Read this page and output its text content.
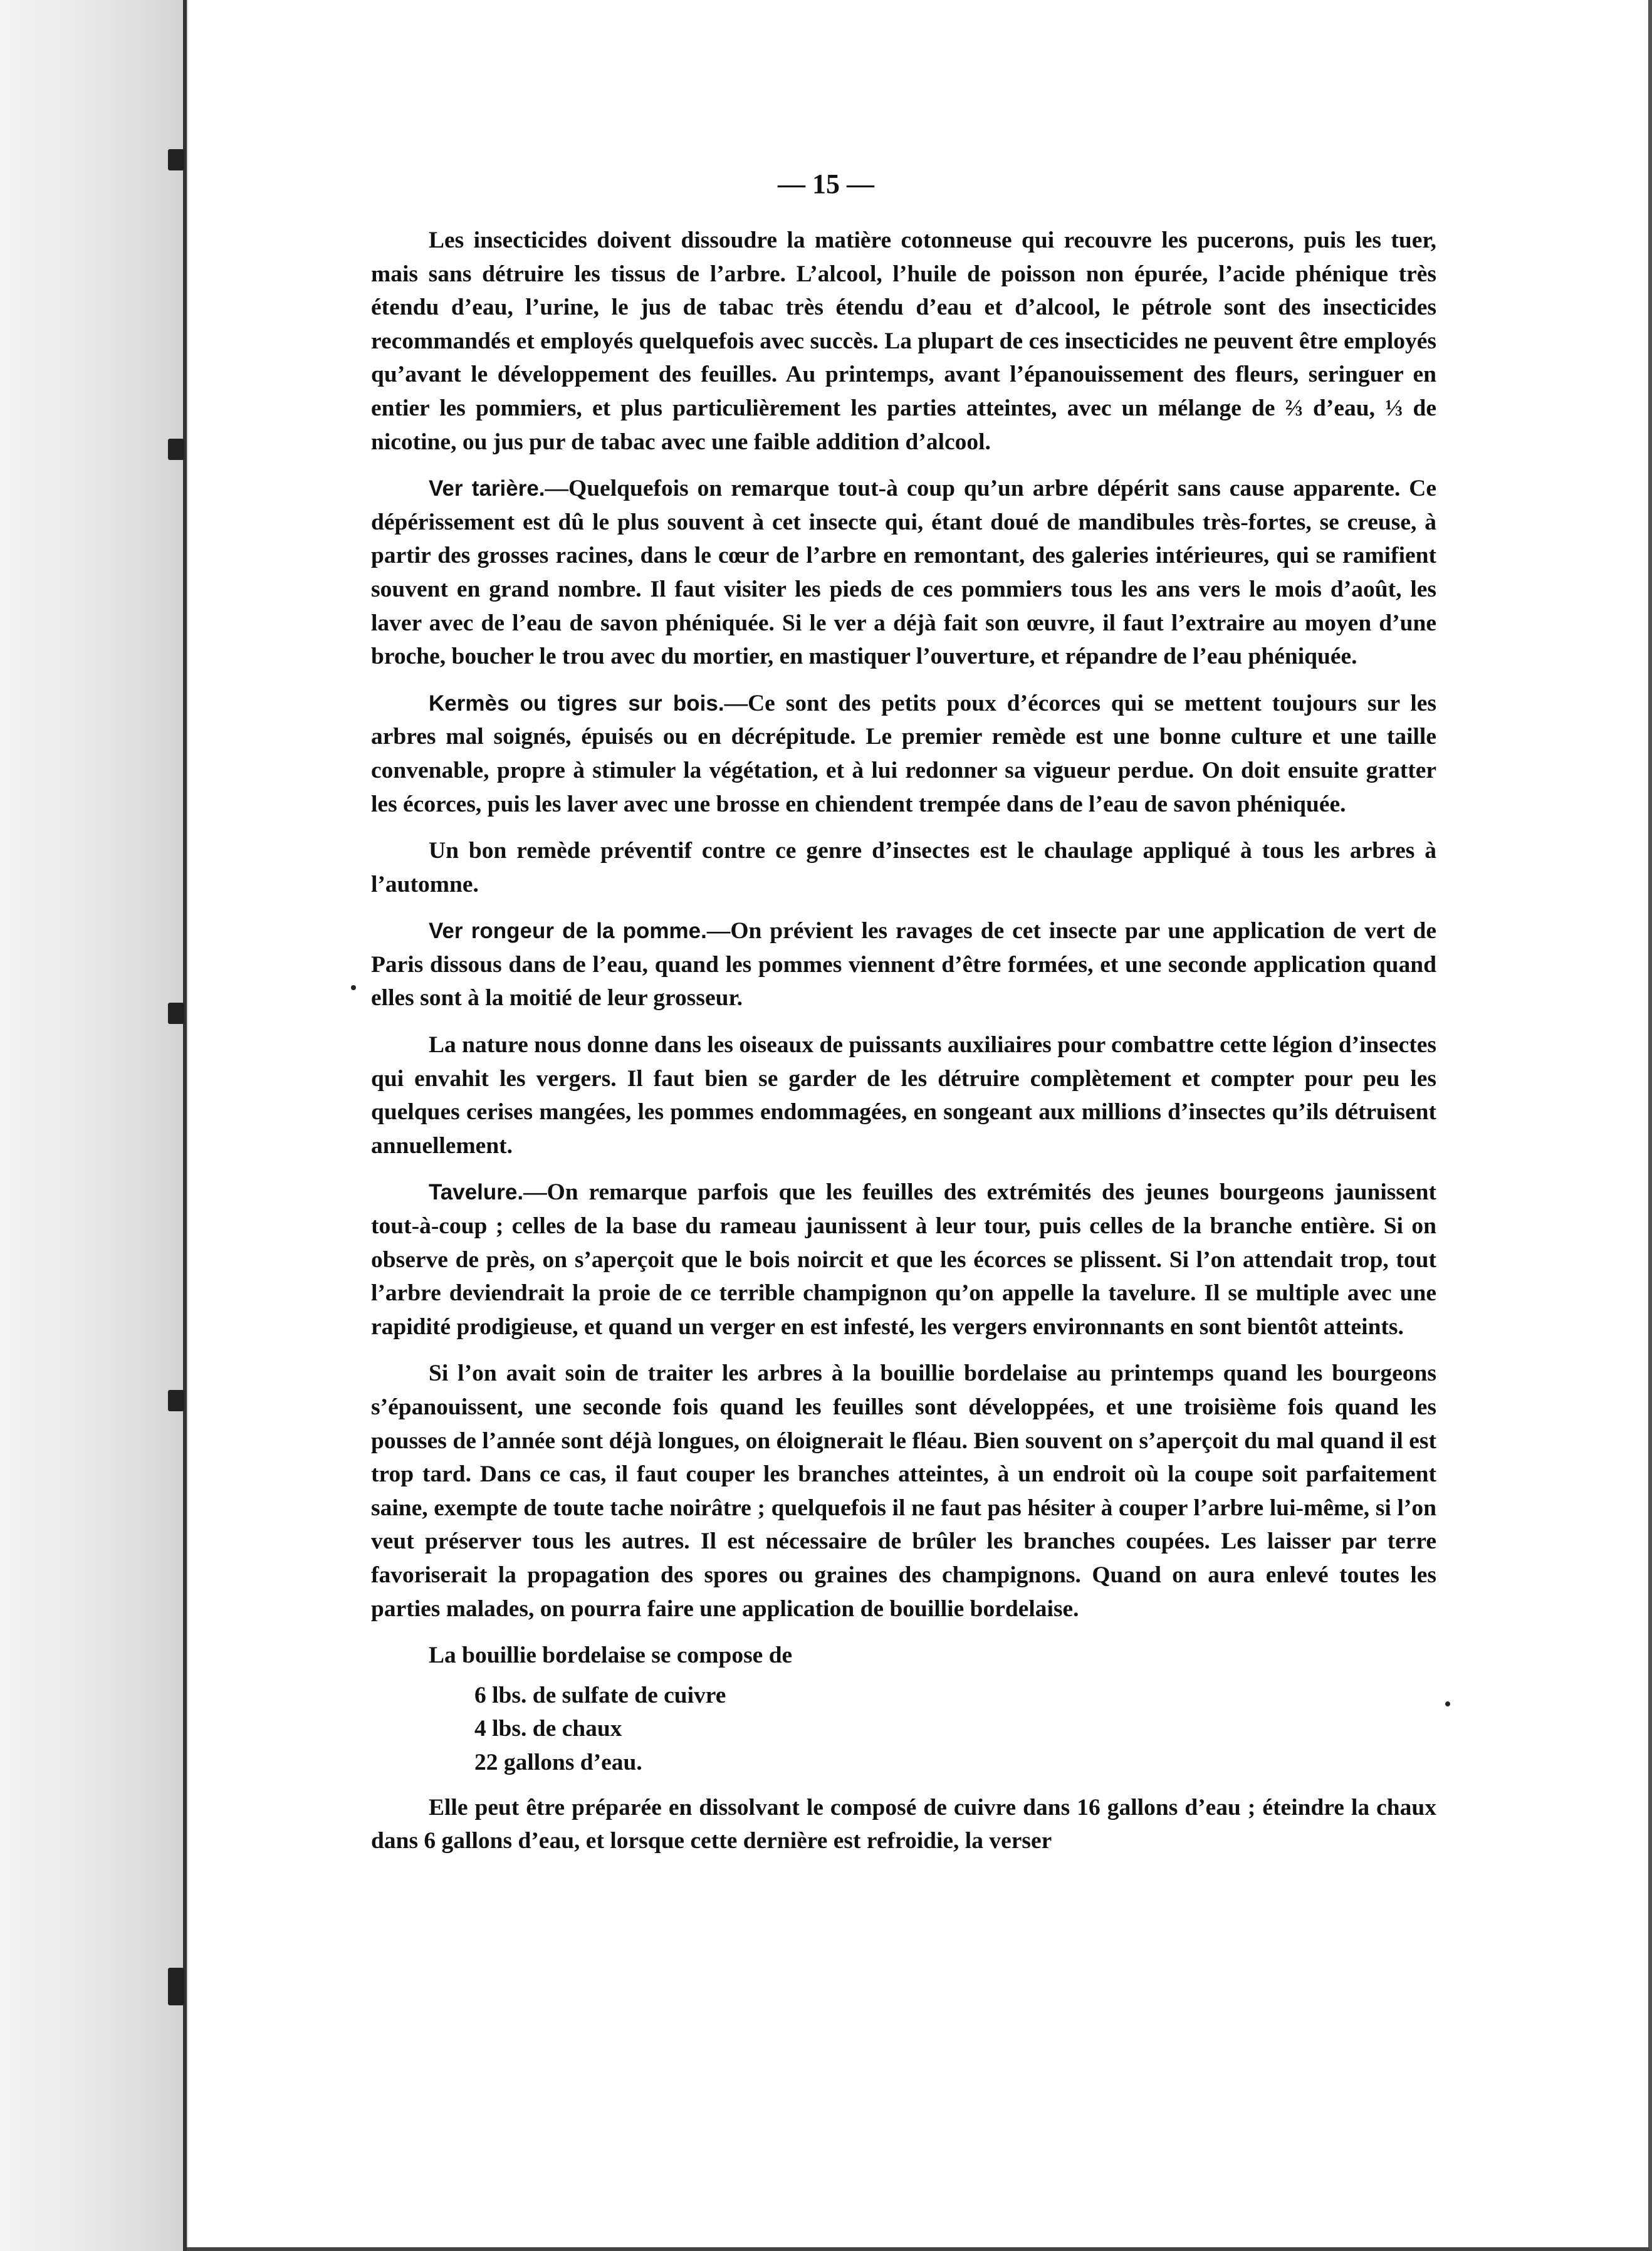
— 15 —

Les insecticides doivent dissoudre la matière cotonneuse qui recouvre les pucerons, puis les tuer, mais sans détruire les tissus de l’arbre. L’alcool, l’huile de poisson non épurée, l’acide phénique très étendu d’eau, l’urine, le jus de tabac très étendu d’eau et d’alcool, le pétrole sont des insecticides recommandés et employés quelquefois avec succès. La plupart de ces insecticides ne peuvent être employés qu’avant le développement des feuilles. Au printemps, avant l’épanouissement des fleurs, seringuer en entier les pommiers, et plus particulièrement les parties atteintes, avec un mélange de ⅔ d’eau, ⅓ de nicotine, ou jus pur de tabac avec une faible addition d’alcool.

Ver tarière.—Quelquefois on remarque tout-à coup qu’un arbre dépérit sans cause apparente. Ce dépérissement est dû le plus souvent à cet insecte qui, étant doué de mandibules très-fortes, se creuse, à partir des grosses racines, dans le cœur de l’arbre en remontant, des galeries intérieures, qui se ramifient souvent en grand nombre. Il faut visiter les pieds de ces pommiers tous les ans vers le mois d’août, les laver avec de l’eau de savon phéniquée. Si le ver a déjà fait son œuvre, il faut l’extraire au moyen d’une broche, boucher le trou avec du mortier, en mastiquer l’ouverture, et répandre de l’eau phéniquée.

Kermès ou tigres sur bois.—Ce sont des petits poux d’écorces qui se mettent toujours sur les arbres mal soignés, épuisés ou en décrépitude. Le premier remède est une bonne culture et une taille convenable, propre à stimuler la végétation, et à lui redonner sa vigueur perdue. On doit ensuite gratter les écorces, puis les laver avec une brosse en chiendent trempée dans de l’eau de savon phéniquée.

Un bon remède préventif contre ce genre d’insectes est le chaulage appliqué à tous les arbres à l’automne.

Ver rongeur de la pomme.—On prévient les ravages de cet insecte par une application de vert de Paris dissous dans de l’eau, quand les pommes viennent d’être formées, et une seconde application quand elles sont à la moitié de leur grosseur.

La nature nous donne dans les oiseaux de puissants auxiliaires pour combattre cette légion d’insectes qui envahit les vergers. Il faut bien se garder de les détruire complètement et compter pour peu les quelques cerises mangées, les pommes endommagées, en songeant aux millions d’insectes qu’ils détruisent annuellement.

Tavelure.—On remarque parfois que les feuilles des extrémités des jeunes bourgeons jaunissent tout-à-coup ; celles de la base du rameau jaunissent à leur tour, puis celles de la branche entière. Si on observe de près, on s’aperçoit que le bois noircit et que les écorces se plissent. Si l’on attendait trop, tout l’arbre deviendrait la proie de ce terrible champignon qu’on appelle la tavelure. Il se multiple avec une rapidité prodigieuse, et quand un verger en est infesté, les vergers environnants en sont bientôt atteints.

Si l’on avait soin de traiter les arbres à la bouillie bordelaise au printemps quand les bourgeons s’épanouissent, une seconde fois quand les feuilles sont développées, et une troisième fois quand les pousses de l’année sont déjà longues, on éloignerait le fléau. Bien souvent on s’aperçoit du mal quand il est trop tard. Dans ce cas, il faut couper les branches atteintes, à un endroit où la coupe soit parfaitement saine, exempte de toute tache noirâtre ; quelquefois il ne faut pas hésiter à couper l’arbre lui-même, si l’on veut préserver tous les autres. Il est nécessaire de brûler les branches coupées. Les laisser par terre favoriserait la propagation des spores ou graines des champignons. Quand on aura enlevé toutes les parties malades, on pourra faire une application de bouillie bordelaise.

La bouillie bordelaise se compose de

6 lbs. de sulfate de cuivre
4 lbs. de chaux
22 gallons d’eau.

Elle peut être préparée en dissolvant le composé de cuivre dans 16 gallons d’eau ; éteindre la chaux dans 6 gallons d’eau, et lorsque cette dernière est refroidie, la verser
